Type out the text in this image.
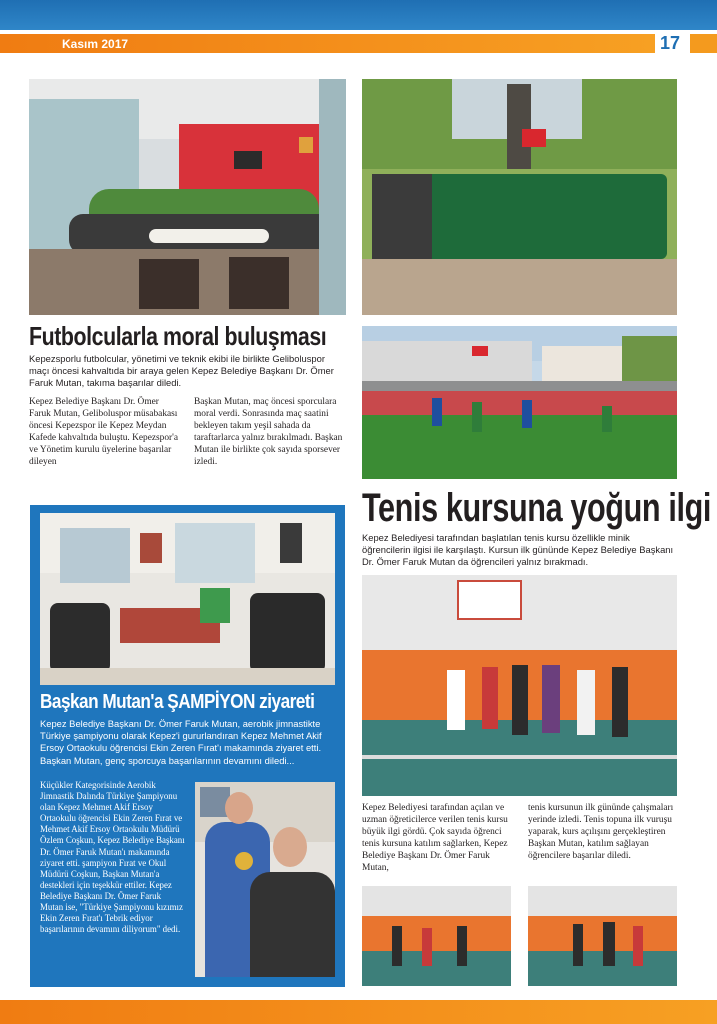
Kasım 2017	17
Futbolcularla moral buluşması
Kepezsporlu futbolcular, yönetimi ve teknik ekibi ile birlikte Geliboluspor maçı öncesi kahvaltıda bir araya gelen Kepez Belediye Başkanı Dr. Ömer Faruk Mutan, takıma başarılar diledi.
Kepez Belediye Başkanı Dr. Ömer Faruk Mutan, Geliboluspor müsabakası öncesi Kepezspor ile Kepez Meydan Kafede kahvaltıda buluştu. Kepezspor'a ve Yönetim kurulu üyelerine başarılar dileyen
Başkan Mutan, maç öncesi sporculara moral verdi. Sonrasında maç saatini bekleyen takım yeşil sahada da taraftarlarca yalnız bırakılmadı. Başkan Mutan ile birlikte çok sayıda sporsever izledi.
Tenis kursuna yoğun ilgi
Kepez Belediyesi tarafından başlatılan tenis kursu özellikle minik öğrencilerin ilgisi ile karşılaştı. Kursun ilk gününde Kepez Belediye Başkanı Dr. Ömer Faruk Mutan da öğrencileri yalnız bırakmadı.
Kepez Belediyesi tarafından açılan ve uzman öğreticilerce verilen tenis kursu büyük ilgi gördü. Çok sayıda öğrenci tenis kursuna katılım sağlarken, Kepez Belediye Başkanı Dr. Ömer Faruk Mutan,
tenis kursunun ilk gününde çalışmaları yerinde izledi. Tenis topuna ilk vuruşu yaparak, kurs açılışını gerçekleştiren Başkan Mutan, katılım sağlayan öğrencilere başarılar diledi.
Başkan Mutan'a ŞAMPİYON ziyareti
Kepez Belediye Başkanı Dr. Ömer Faruk Mutan, aerobik jimnastikte Türkiye şampiyonu olarak Kepez'i gururlandıran Kepez Mehmet Akif Ersoy Ortaokulu öğrencisi Ekin Zeren Fırat'ı makamında ziyaret etti. Başkan Mutan, genç sporcuya başarılarının devamını diledi...
Küçükler Kategorisinde Aerobik Jimnastik Dalında Türkiye Şampiyonu olan Kepez Mehmet Akif Ersoy Ortaokulu öğrencisi Ekin Zeren Fırat ve Mehmet Akif Ersoy Ortaokulu Müdürü Özlem Coşkun, Kepez Belediye Başkanı Dr. Ömer Faruk Mutan'ı makamında ziyaret etti. şampiyon Fırat ve Okul Müdürü Coşkun, Başkan Mutan'a destekleri için teşekkür ettiler. Kepez Belediye Başkanı Dr. Ömer Faruk Mutan ise, "Türkiye Şampiyonu kızımız Ekin Zeren Fırat'ı Tebrik ediyor başarılarının devamını diliyorum" dedi.
